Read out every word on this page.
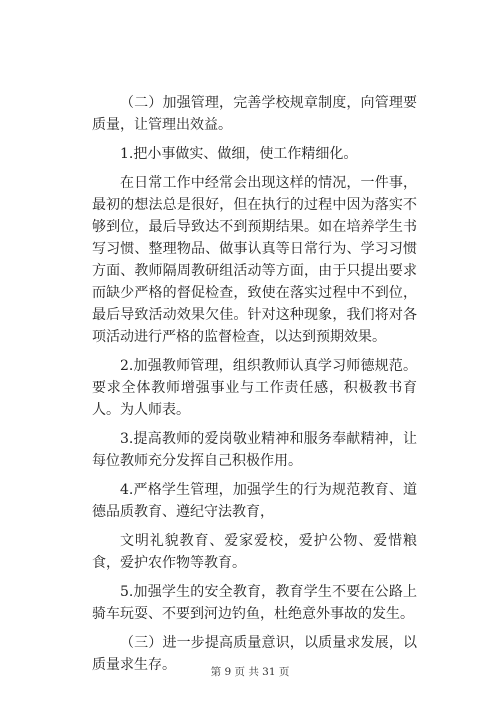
（二）加强管理，完善学校规章制度，向管理要质量，让管理出效益。

1.把小事做实、做细，使工作精细化。

在日常工作中经常会出现这样的情况，一件事，最初的想法总是很好，但在执行的过程中因为落实不够到位，最后导致达不到预期结果。如在培养学生书写习惯、整理物品、做事认真等日常行为、学习习惯方面、教师隔周教研组活动等方面，由于只提出要求而缺少严格的督促检查，致使在落实过程中不到位，最后导致活动效果欠佳。针对这种现象，我们将对各项活动进行严格的监督检查，以达到预期效果。

2.加强教师管理，组织教师认真学习师德规范。要求全体教师增强事业与工作责任感，积极教书育人。为人师表。

3.提高教师的爱岗敬业精神和服务奉献精神，让每位教师充分发挥自己积极作用。

4.严格学生管理，加强学生的行为规范教育、道德品质教育、遵纪守法教育，

文明礼貌教育、爱家爱校，爱护公物、爱惜粮食，爱护农作物等教育。

5.加强学生的安全教育，教育学生不要在公路上骑车玩耍、不要到河边钓鱼，杜绝意外事故的发生。

（三）进一步提高质量意识，以质量求发展，以质量求生存。	第 9 页 共 31 页
